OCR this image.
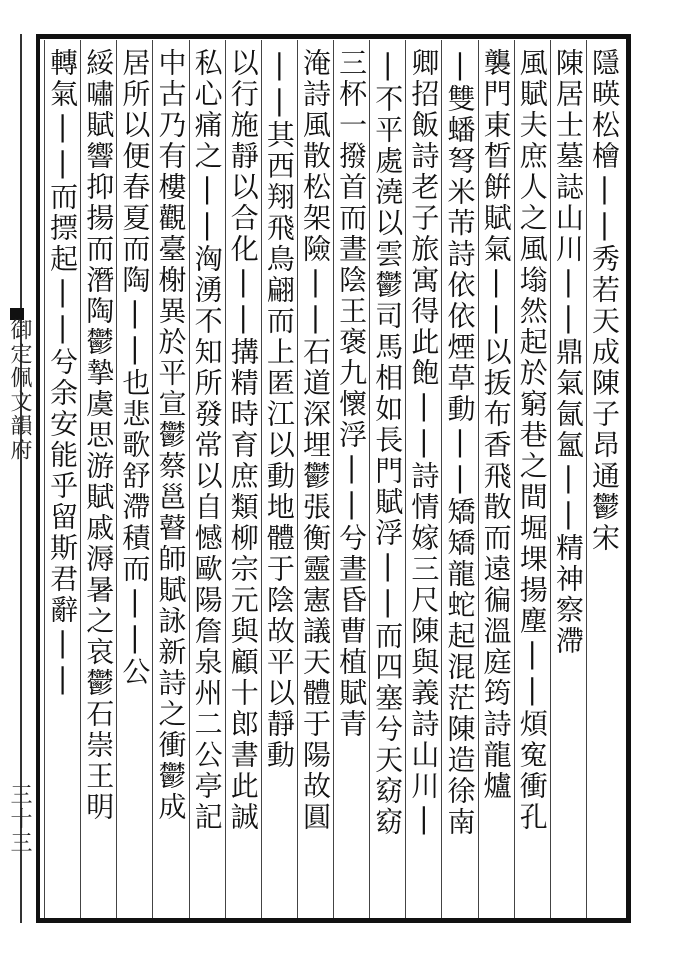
御定佩文韻府
三十三
隱暎松檜||秀若天成陳子昂通鬱宋
陳居士墓誌山川||鼎氣氤氳||精神察滯
風賦夫庶人之風塕然起於窮巷之間堀堁揚塵||煩寃衝孔
襲門東晳餠賦氣||以㧞布香飛散而遠徧溫庭筠詩龍爐
|雙蟠弩米芾詩依依煙草動||矯矯龍蛇起混茫陳造徐南
卿招飯詩老子旅寓得此飽||詩情嫁三尺陳與義詩山川|
|不平處澆以雲鬱司馬相如長門賦浮||而四塞兮天窈窈
三杯一撥首而晝陰王褒九懷浮||兮晝昏曹植賦青
淹詩風散松架險||石道深埋鬱張衡靈憲議天體于陽故圓
||其西翔飛鳥翩而上匿江以動地體于陰故平以靜動
以行施靜以合化||搆精時育庶類柳宗元與顧十郎書此誠
私心痛之||洶湧不知所發常以自憾歐陽詹泉州二公亭記
中古乃有樓觀臺榭異於平宣鬱蔡邕瞽師賦詠新詩之衝鬱成
居所以便春夏而陶||也悲歌舒滯積而||公
綏嘯賦響抑揚而潛陶鬱摯虞思游賦戚溽暑之哀鬱石崇王明
轉氣||而摽起||兮余安能乎留斯君辭||
